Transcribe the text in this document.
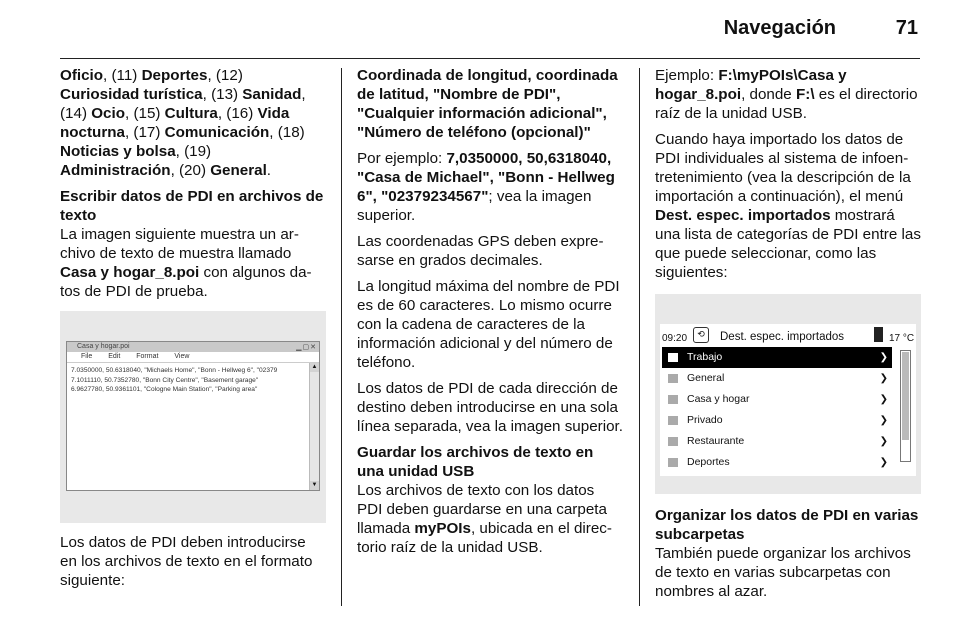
Navegación	71

Oficio, (11) Deportes, (12) Curiosidad turística, (13) Sanidad, (14) Ocio, (15) Cultura, (16) Vida nocturna, (17) Comunicación, (18) Noticias y bolsa, (19) Administración, (20) General.

Escribir datos de PDI en archivos de texto

La imagen siguiente muestra un archivo de texto de muestra llamado Casa y hogar_8.poi con algunos datos de PDI de prueba.

Casa y hogar.poi	▁▢✕
File Edit Format View
7.0350000, 50.6318040, "Michaels Home", "Bonn - Hellweg 6", "02379
7.1011110, 50.7352780, "Bonn City Centre", "Basement garage"
6.9627780, 50.9361101, "Cologne Main Station", "Parking area"
▲
▼

Los datos de PDI deben introducirse en los archivos de texto en el formato siguiente:

Coordinada de longitud, coordinada de latitud, "Nombre de PDI", "Cualquier información adicional", "Número de teléfono (opcional)"

Por ejemplo: 7,0350000, 50,6318040, "Casa de Michael", "Bonn - Hellweg 6", "02379234567"; vea la imagen superior.

Las coordenadas GPS deben expresarse en grados decimales.

La longitud máxima del nombre de PDI es de 60 caracteres. Lo mismo ocurre con la cadena de caracteres de la información adicional y del número de teléfono.

Los datos de PDI de cada dirección de destino deben introducirse en una sola línea separada, vea la imagen superior.

Guardar los archivos de texto en una unidad USB

Los archivos de texto con los datos PDI deben guardarse en una carpeta llamada myPOIs, ubicada en el directorio raíz de la unidad USB.

Ejemplo: F:\myPOIs\Casa y hogar_8.poi, donde F:\ es el directorio raíz de la unidad USB.

Cuando haya importado los datos de PDI individuales al sistema de infoentretenimiento (vea la descripción de la importación a continuación), el menú Dest. espec. importados mostrará una lista de categorías de PDI entre las que puede seleccionar, como las siguientes:

09:20	⟲	Dest. espec. importados	17 °C
Trabajo	❯
General	❯
Casa y hogar	❯
Privado	❯
Restaurante	❯
Deportes	❯

Organizar los datos de PDI en varias subcarpetas

También puede organizar los archivos de texto en varias subcarpetas con nombres al azar.
